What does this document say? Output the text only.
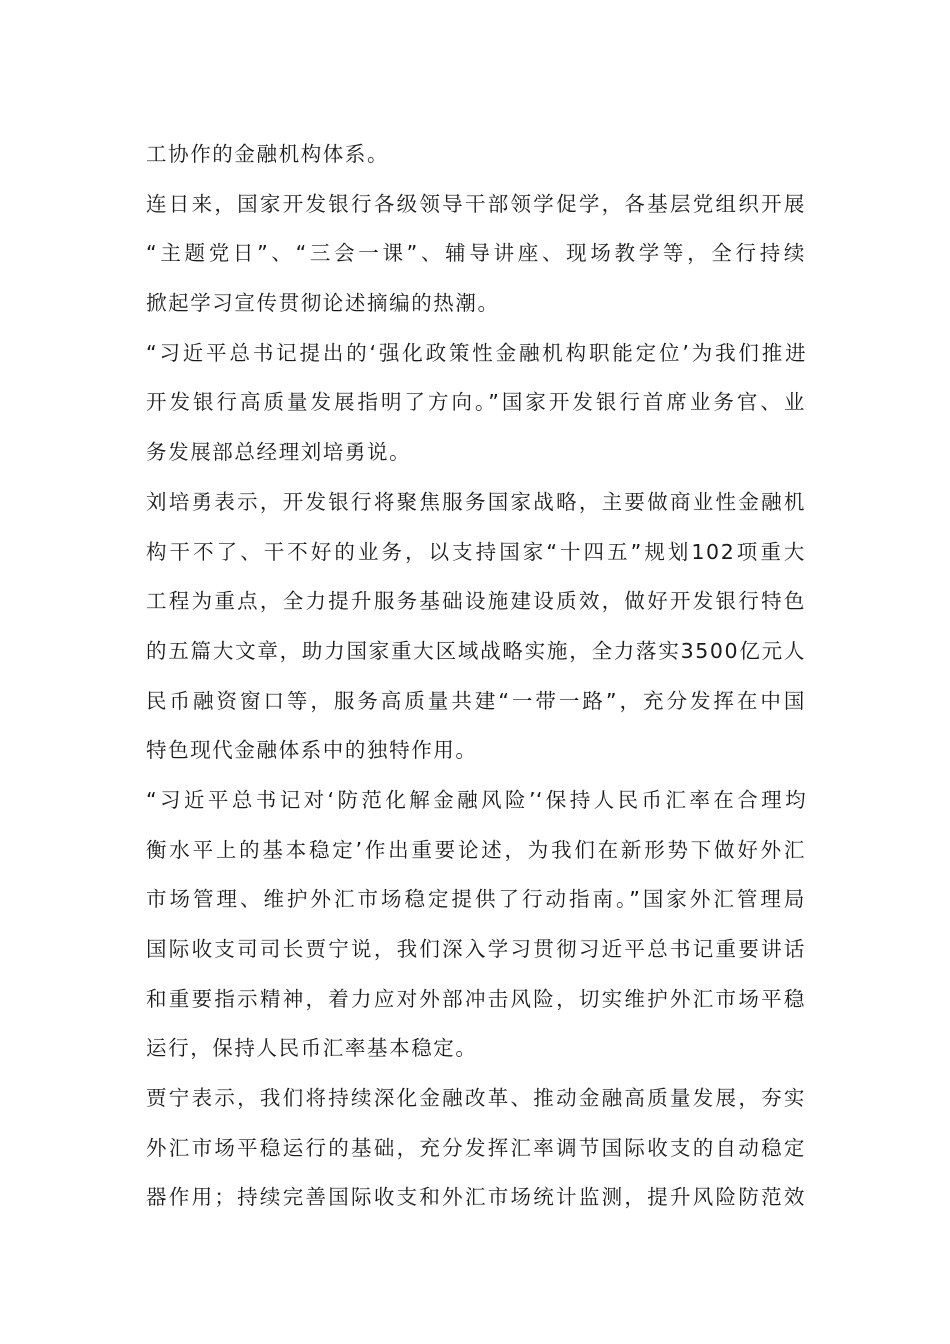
工协作的金融机构体系。
连日来，国家开发银行各级领导干部领学促学，各基层党组织开展
“主题党日”、“三会一课”、辅导讲座、现场教学等，全行持续
掀起学习宣传贯彻论述摘编的热潮。
“习近平总书记提出的‘强化政策性金融机构职能定位’为我们推进
开发银行高质量发展指明了方向。”国家开发银行首席业务官、业
务发展部总经理刘培勇说。
刘培勇表示，开发银行将聚焦服务国家战略，主要做商业性金融机
构干不了、干不好的业务，以支持国家“十四五”规划102项重大
工程为重点，全力提升服务基础设施建设质效，做好开发银行特色
的五篇大文章，助力国家重大区域战略实施，全力落实3500亿元人
民币融资窗口等，服务高质量共建“一带一路”，充分发挥在中国
特色现代金融体系中的独特作用。
“习近平总书记对‘防范化解金融风险’‘保持人民币汇率在合理均
衡水平上的基本稳定’作出重要论述，为我们在新形势下做好外汇
市场管理、维护外汇市场稳定提供了行动指南。”国家外汇管理局
国际收支司司长贾宁说，我们深入学习贯彻习近平总书记重要讲话
和重要指示精神，着力应对外部冲击风险，切实维护外汇市场平稳
运行，保持人民币汇率基本稳定。
贾宁表示，我们将持续深化金融改革、推动金融高质量发展，夯实
外汇市场平稳运行的基础，充分发挥汇率调节国际收支的自动稳定
器作用；持续完善国际收支和外汇市场统计监测，提升风险防范效
